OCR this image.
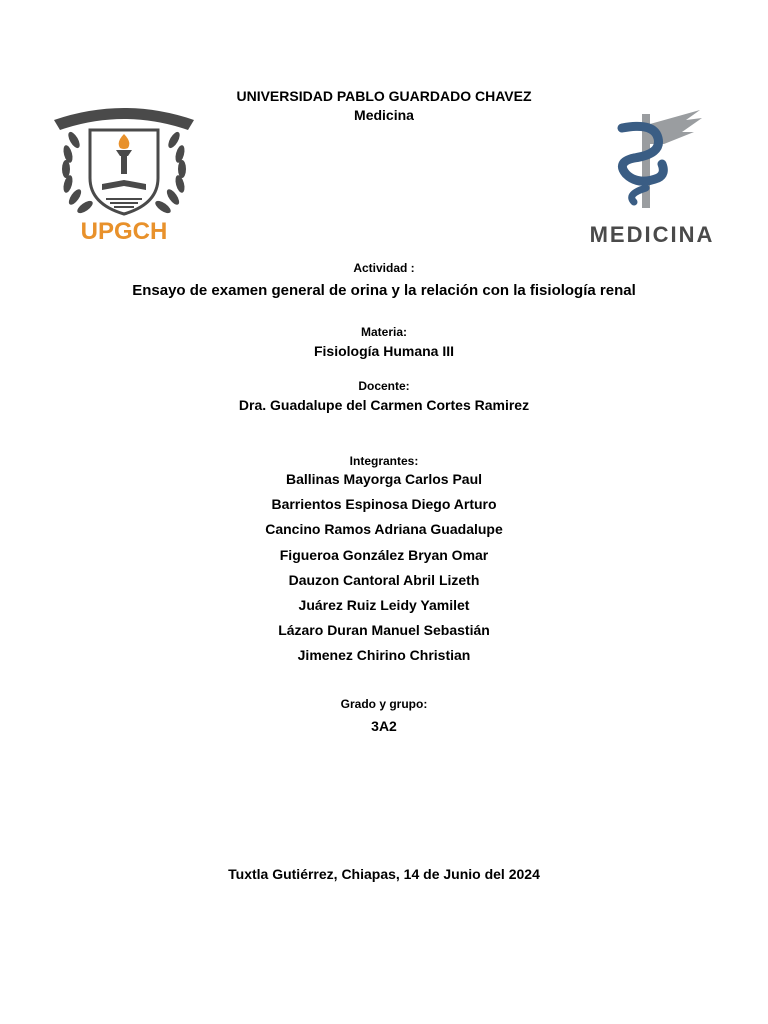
UPGCH	MEDICINA
UNIVERSIDAD PABLO GUARDADO CHAVEZ
Medicina
Actividad :
Ensayo de examen general de orina y la relación con la fisiología renal
Materia:
Fisiología Humana III
Docente:
Dra. Guadalupe del Carmen Cortes Ramirez
Integrantes:
Ballinas Mayorga Carlos Paul
Barrientos Espinosa Diego Arturo
Cancino Ramos Adriana Guadalupe
Figueroa González Bryan Omar
Dauzon Cantoral Abril Lizeth
Juárez Ruiz Leidy Yamilet
Lázaro Duran Manuel Sebastián
Jimenez Chirino Christian
Grado y grupo:
3A2
Tuxtla Gutiérrez, Chiapas, 14 de Junio del 2024
